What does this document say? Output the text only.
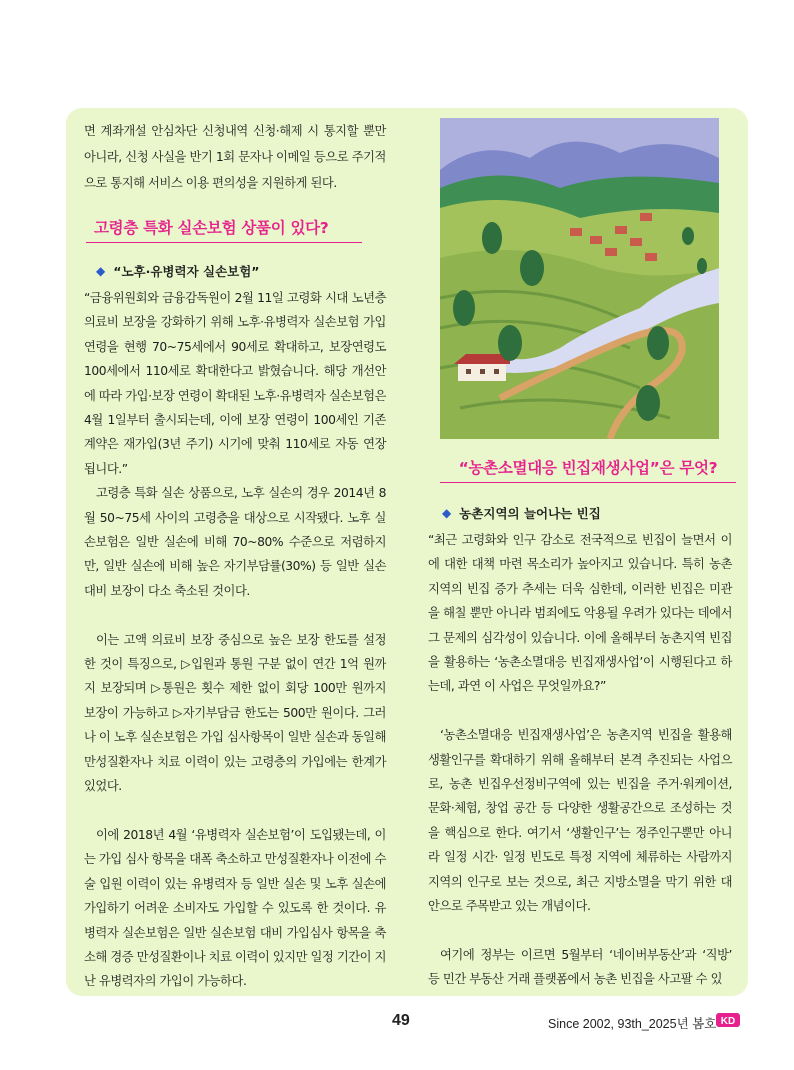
면 계좌개설 안심차단 신청내역 신청·해제 시 통지할 뿐만 아니라, 신청 사실을 반기 1회 문자나 이메일 등으로 주기적으로 통지해 서비스 이용 편의성을 지원하게 된다.

고령층 특화 실손보험 상품이 있다?
◆ “노후·유병력자 실손보험”

“금융위원회와 금융감독원이 2월 11일 고령화 시대 노년층 의료비 보장을 강화하기 위해 노후·유병력자 실손보험 가입 연령을 현행 70~75세에서 90세로 확대하고, 보장연령도 100세에서 110세로 확대한다고 밝혔습니다. 해당 개선안에 따라 가입·보장 연령이 확대된 노후·유병력자 실손보험은 4월 1일부터 출시되는데, 이에 보장 연령이 100세인 기존 계약은 재가입(3년 주기) 시기에 맞춰 110세로 자동 연장됩니다.”

고령층 특화 실손 상품으로, 노후 실손의 경우 2014년 8월 50~75세 사이의 고령층을 대상으로 시작됐다. 노후 실손보험은 일반 실손에 비해 70~80% 수준으로 저렴하지만, 일반 실손에 비해 높은 자기부담률(30%) 등 일반 실손 대비 보장이 다소 축소된 것이다.

이는 고액 의료비 보장 중심으로 높은 보장 한도를 설정한 것이 특징으로, ▷입원과 통원 구분 없이 연간 1억 원까지 보장되며 ▷통원은 횟수 제한 없이 회당 100만 원까지 보장이 가능하고 ▷자기부담금 한도는 500만 원이다. 그러나 이 노후 실손보험은 가입 심사항목이 일반 실손과 동일해 만성질환자나 치료 이력이 있는 고령층의 가입에는 한계가 있었다.

이에 2018년 4월 ‘유병력자 실손보험’이 도입됐는데, 이는 가입 심사 항목을 대폭 축소하고 만성질환자나 이전에 수술 입원 이력이 있는 유병력자 등 일반 실손 및 노후 실손에 가입하기 어려운 소비자도 가입할 수 있도록 한 것이다. 유병력자 실손보험은 일반 실손보험 대비 가입심사 항목을 축소해 경증 만성질환이나 치료 이력이 있지만 일정 기간이 지난 유병력자의 가입이 가능하다.

“농촌소멸대응 빈집재생사업”은 무엇?
◆ 농촌지역의 늘어나는 빈집

“최근 고령화와 인구 감소로 전국적으로 빈집이 늘면서 이에 대한 대책 마련 목소리가 높아지고 있습니다. 특히 농촌 지역의 빈집 증가 추세는 더욱 심한데, 이러한 빈집은 미관을 해칠 뿐만 아니라 범죄에도 악용될 우려가 있다는 데에서 그 문제의 심각성이 있습니다. 이에 올해부터 농촌지역 빈집을 활용하는 ‘농촌소멸대응 빈집재생사업’이 시행된다고 하는데, 과연 이 사업은 무엇일까요?”

‘농촌소멸대응 빈집재생사업’은 농촌지역 빈집을 활용해 생활인구를 확대하기 위해 올해부터 본격 추진되는 사업으로, 농촌 빈집우선정비구역에 있는 빈집을 주거·워케이션, 문화·체험, 창업 공간 등 다양한 생활공간으로 조성하는 것을 핵심으로 한다. 여기서 ‘생활인구’는 정주인구뿐만 아니라 일정 시간· 일정 빈도로 특정 지역에 체류하는 사람까지 지역의 인구로 보는 것으로, 최근 지방소멸을 막기 위한 대안으로 주목받고 있는 개념이다.

여기에 정부는 이르면 5월부터 ‘네이버부동산’과 ‘직방’ 등 민간 부동산 거래 플랫폼에서 농촌 빈집을 사고팔 수 있

49	Since 2002, 93th_2025년 봄호 KD
